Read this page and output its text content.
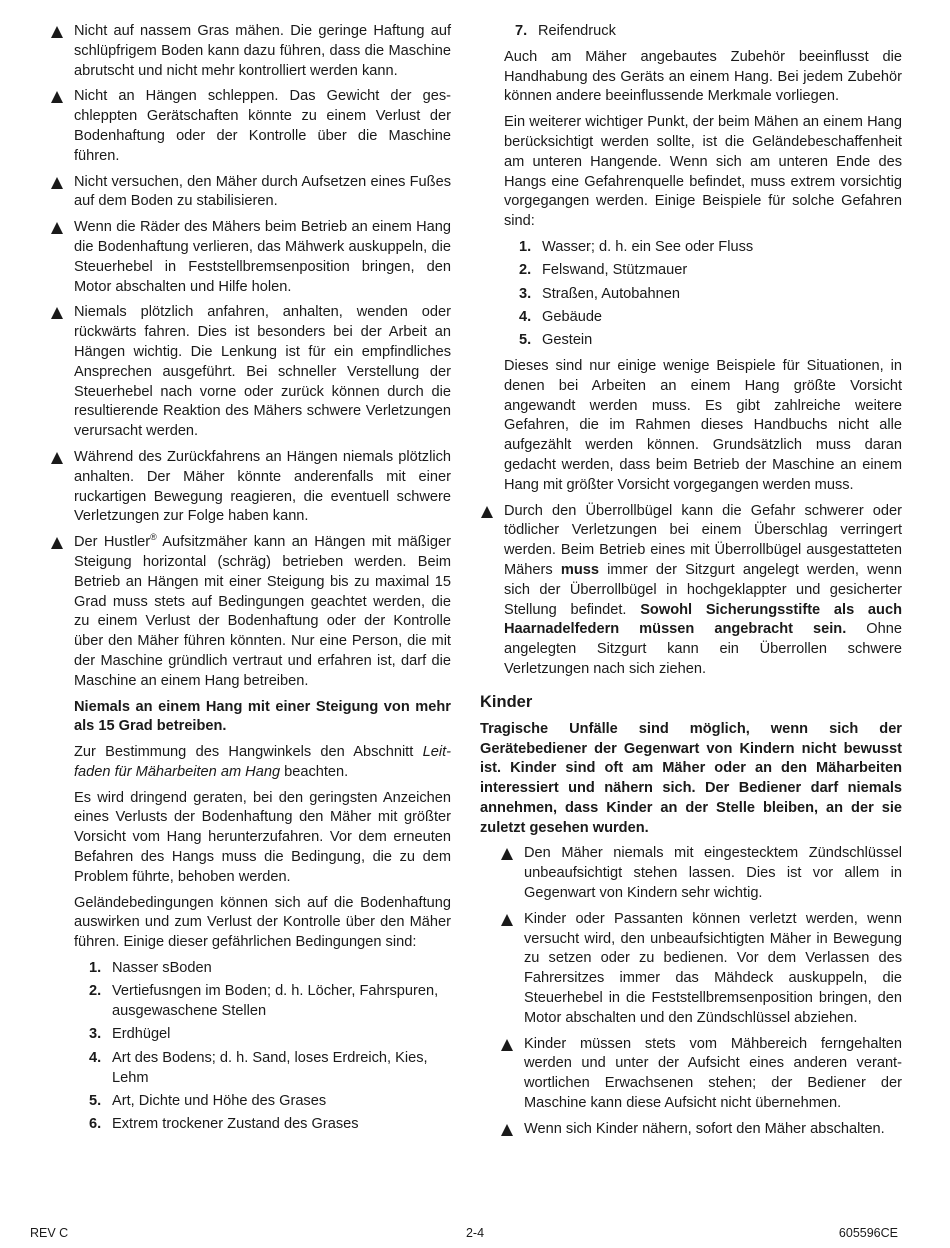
Nicht auf nassem Gras mähen. Die geringe Haftung auf schlüpfrigem Boden kann dazu führen, dass die Maschine abrutscht und nicht mehr kontrolliert werden kann.
Nicht an Hängen schleppen. Das Gewicht der geschleppten Gerätschaften könnte zu einem Verlust der Bodenhaftung oder der Kontrolle über die Maschine führen.
Nicht versuchen, den Mäher durch Aufsetzen eines Fußes auf dem Boden zu stabilisieren.
Wenn die Räder des Mähers beim Betrieb an einem Hang die Bodenhaftung verlieren, das Mähwerk auskuppeln, die Steuerhebel in Feststellbremsenposition bringen, den Motor abschalten und Hilfe holen.
Niemals plötzlich anfahren, anhalten, wenden oder rückwärts fahren. Dies ist besonders bei der Arbeit an Hängen wichtig. Die Lenkung ist für ein empfindliches Ansprechen ausgeführt. Bei schneller Verstellung der Steuerhebel nach vorne oder zurück können durch die resultierende Reaktion des Mähers schwere Verletzungen verursacht werden.
Während des Zurückfahrens an Hängen niemals plötzlich anhalten. Der Mäher könnte anderenfalls mit einer ruckartigen Bewegung reagieren, die eventuell schwere Verletzungen zur Folge haben kann.
Der Hustler® Aufsitzmäher kann an Hängen mit mäßiger Steigung horizontal (schräg) betrieben werden. Beim Betrieb an Hängen mit einer Steigung bis zu maximal 15 Grad muss stets auf Bedingungen geachtet werden, die zu einem Verlust der Bodenhaftung oder der Kontrolle über den Mäher führen könnten. Nur eine Person, die mit der Maschine gründlich vertraut und erfahren ist, darf die Maschine an einem Hang betreiben.
Niemals an einem Hang mit einer Steigung von mehr als 15 Grad betreiben.
Zur Bestimmung des Hangwinkels den Abschnitt Leitfaden für Mäharbeiten am Hang beachten.
Es wird dringend geraten, bei den geringsten Anzeichen eines Verlusts der Bodenhaftung den Mäher mit größter Vorsicht vom Hang herunterzufahren. Vor dem erneuten Befahren des Hangs muss die Bedingung, die zu dem Problem führte, behoben werden.
Geländebedingungen können sich auf die Bodenhaftung auswirken und zum Verlust der Kontrolle über den Mäher führen. Einige dieser gefährlichen Bedingungen sind:
1. Nasser sBoden
2. Vertiefusngen im Boden; d. h. Löcher, Fahrspuren, ausgewaschene Stellen
3. Erdhügel
4. Art des Bodens; d. h. Sand, loses Erdreich, Kies, Lehm
5. Art, Dichte und Höhe des Grases
6. Extrem trockener Zustand des Grases
7. Reifendruck
Auch am Mäher angebautes Zubehör beeinflusst die Handhabung des Geräts an einem Hang. Bei jedem Zubehör können andere beeinflussende Merkmale vorliegen.
Ein weiterer wichtiger Punkt, der beim Mähen an einem Hang berücksichtigt werden sollte, ist die Geländebeschaffenheit am unteren Hangende. Wenn sich am unteren Ende des Hangs eine Gefahrenquelle befindet, muss extrem vorsichtig vorgegangen werden. Einige Beispiele für solche Gefahren sind:
1. Wasser; d. h. ein See oder Fluss
2. Felswand, Stützmauer
3. Straßen, Autobahnen
4. Gebäude
5. Gestein
Dieses sind nur einige wenige Beispiele für Situationen, in denen bei Arbeiten an einem Hang größte Vorsicht angewandt werden muss. Es gibt zahlreiche weitere Gefahren, die im Rahmen dieses Handbuchs nicht alle aufgezählt werden können. Grundsätzlich muss daran gedacht werden, dass beim Betrieb der Maschine an einem Hang mit größter Vorsicht vorgegangen werden muss.
Durch den Überrollbügel kann die Gefahr schwerer oder tödlicher Verletzungen bei einem Überschlag verringert werden. Beim Betrieb eines mit Überrollbügel ausgestatteten Mähers muss immer der Sitzgurt angelegt werden, wenn sich der Überrollbügel in hochgeklappter und gesicherter Stellung befindet. Sowohl Sicherungsstifte als auch Haarnadelfedern müssen angebracht sein. Ohne angelegten Sitzgurt kann ein Überrollen schwere Verletzungen nach sich ziehen.
Kinder
Tragische Unfälle sind möglich, wenn sich der Gerätebediener der Gegenwart von Kindern nicht bewusst ist. Kinder sind oft am Mäher oder an den Mäharbeiten interessiert und nähern sich. Der Bediener darf niemals annehmen, dass Kinder an der Stelle bleiben, an der sie zuletzt gesehen wurden.
Den Mäher niemals mit eingestecktem Zündschlüssel unbeaufsichtigt stehen lassen. Dies ist vor allem in Gegenwart von Kindern sehr wichtig.
Kinder oder Passanten können verletzt werden, wenn versucht wird, den unbeaufsichtigten Mäher in Bewegung zu setzen oder zu bedienen. Vor dem Verlassen des Fahrersitzes immer das Mähdeck auskuppeln, die Steuerhebel in die Feststellbremsenposition bringen, den Motor abschalten und den Zündschlüssel abziehen.
Kinder müssen stets vom Mähbereich ferngehalten werden und unter der Aufsicht eines anderen verantwortlichen Erwachsenen stehen; der Bediener der Maschine kann diese Aufsicht nicht übernehmen.
Wenn sich Kinder nähern, sofort den Mäher abschalten.
REV C	2-4	605596CE
